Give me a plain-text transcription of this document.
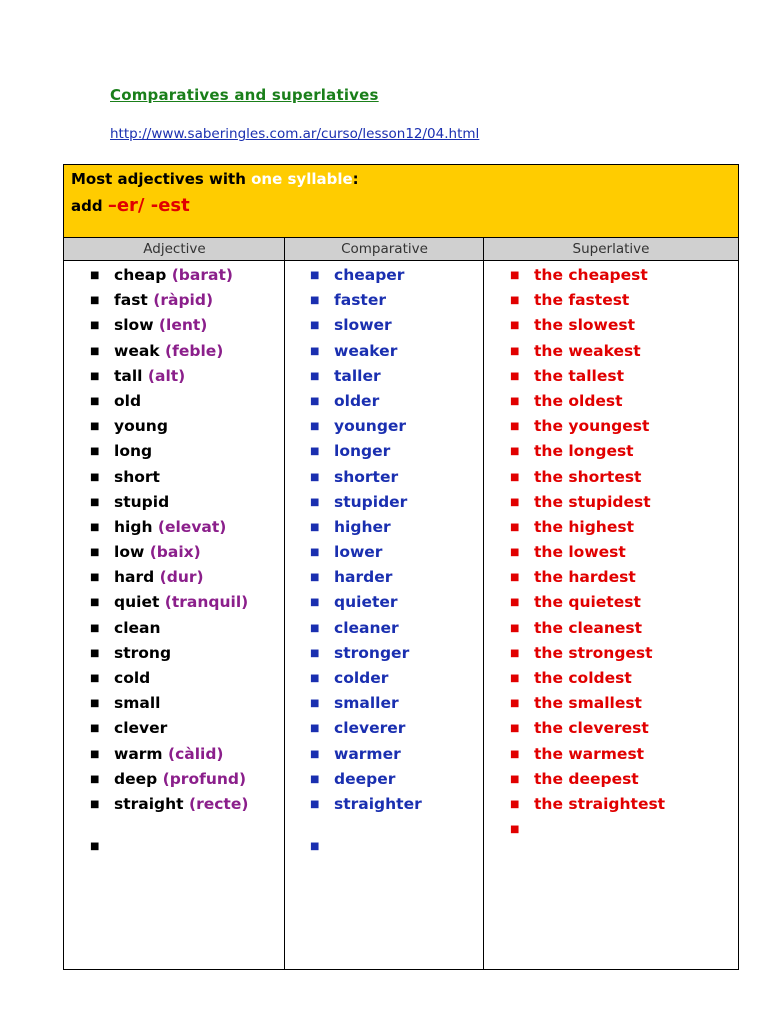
Comparatives and superlatives
http://www.saberingles.com.ar/curso/lesson12/04.html
Most adjectives with one syllable:
add –er/ -est
Adjective	Comparative	Superlative
■ cheap (barat)
■ fast (ràpid)
■ slow (lent)
■ weak (feble)
■ tall (alt)
■ old
■ young
■ long
■ short
■ stupid
■ high (elevat)
■ low (baix)
■ hard (dur)
■ quiet (tranquil)
■ clean
■ strong
■ cold
■ small
■ clever
■ warm (càlid)
■ deep (profund)
■ straight (recte)
■
■ cheaper
■ faster
■ slower
■ weaker
■ taller
■ older
■ younger
■ longer
■ shorter
■ stupider
■ higher
■ lower
■ harder
■ quieter
■ cleaner
■ stronger
■ colder
■ smaller
■ cleverer
■ warmer
■ deeper
■ straighter
■
■ the cheapest
■ the fastest
■ the slowest
■ the weakest
■ the tallest
■ the oldest
■ the youngest
■ the longest
■ the shortest
■ the stupidest
■ the highest
■ the lowest
■ the hardest
■ the quietest
■ the cleanest
■ the strongest
■ the coldest
■ the smallest
■ the cleverest
■ the warmest
■ the deepest
■ the straightest
■
